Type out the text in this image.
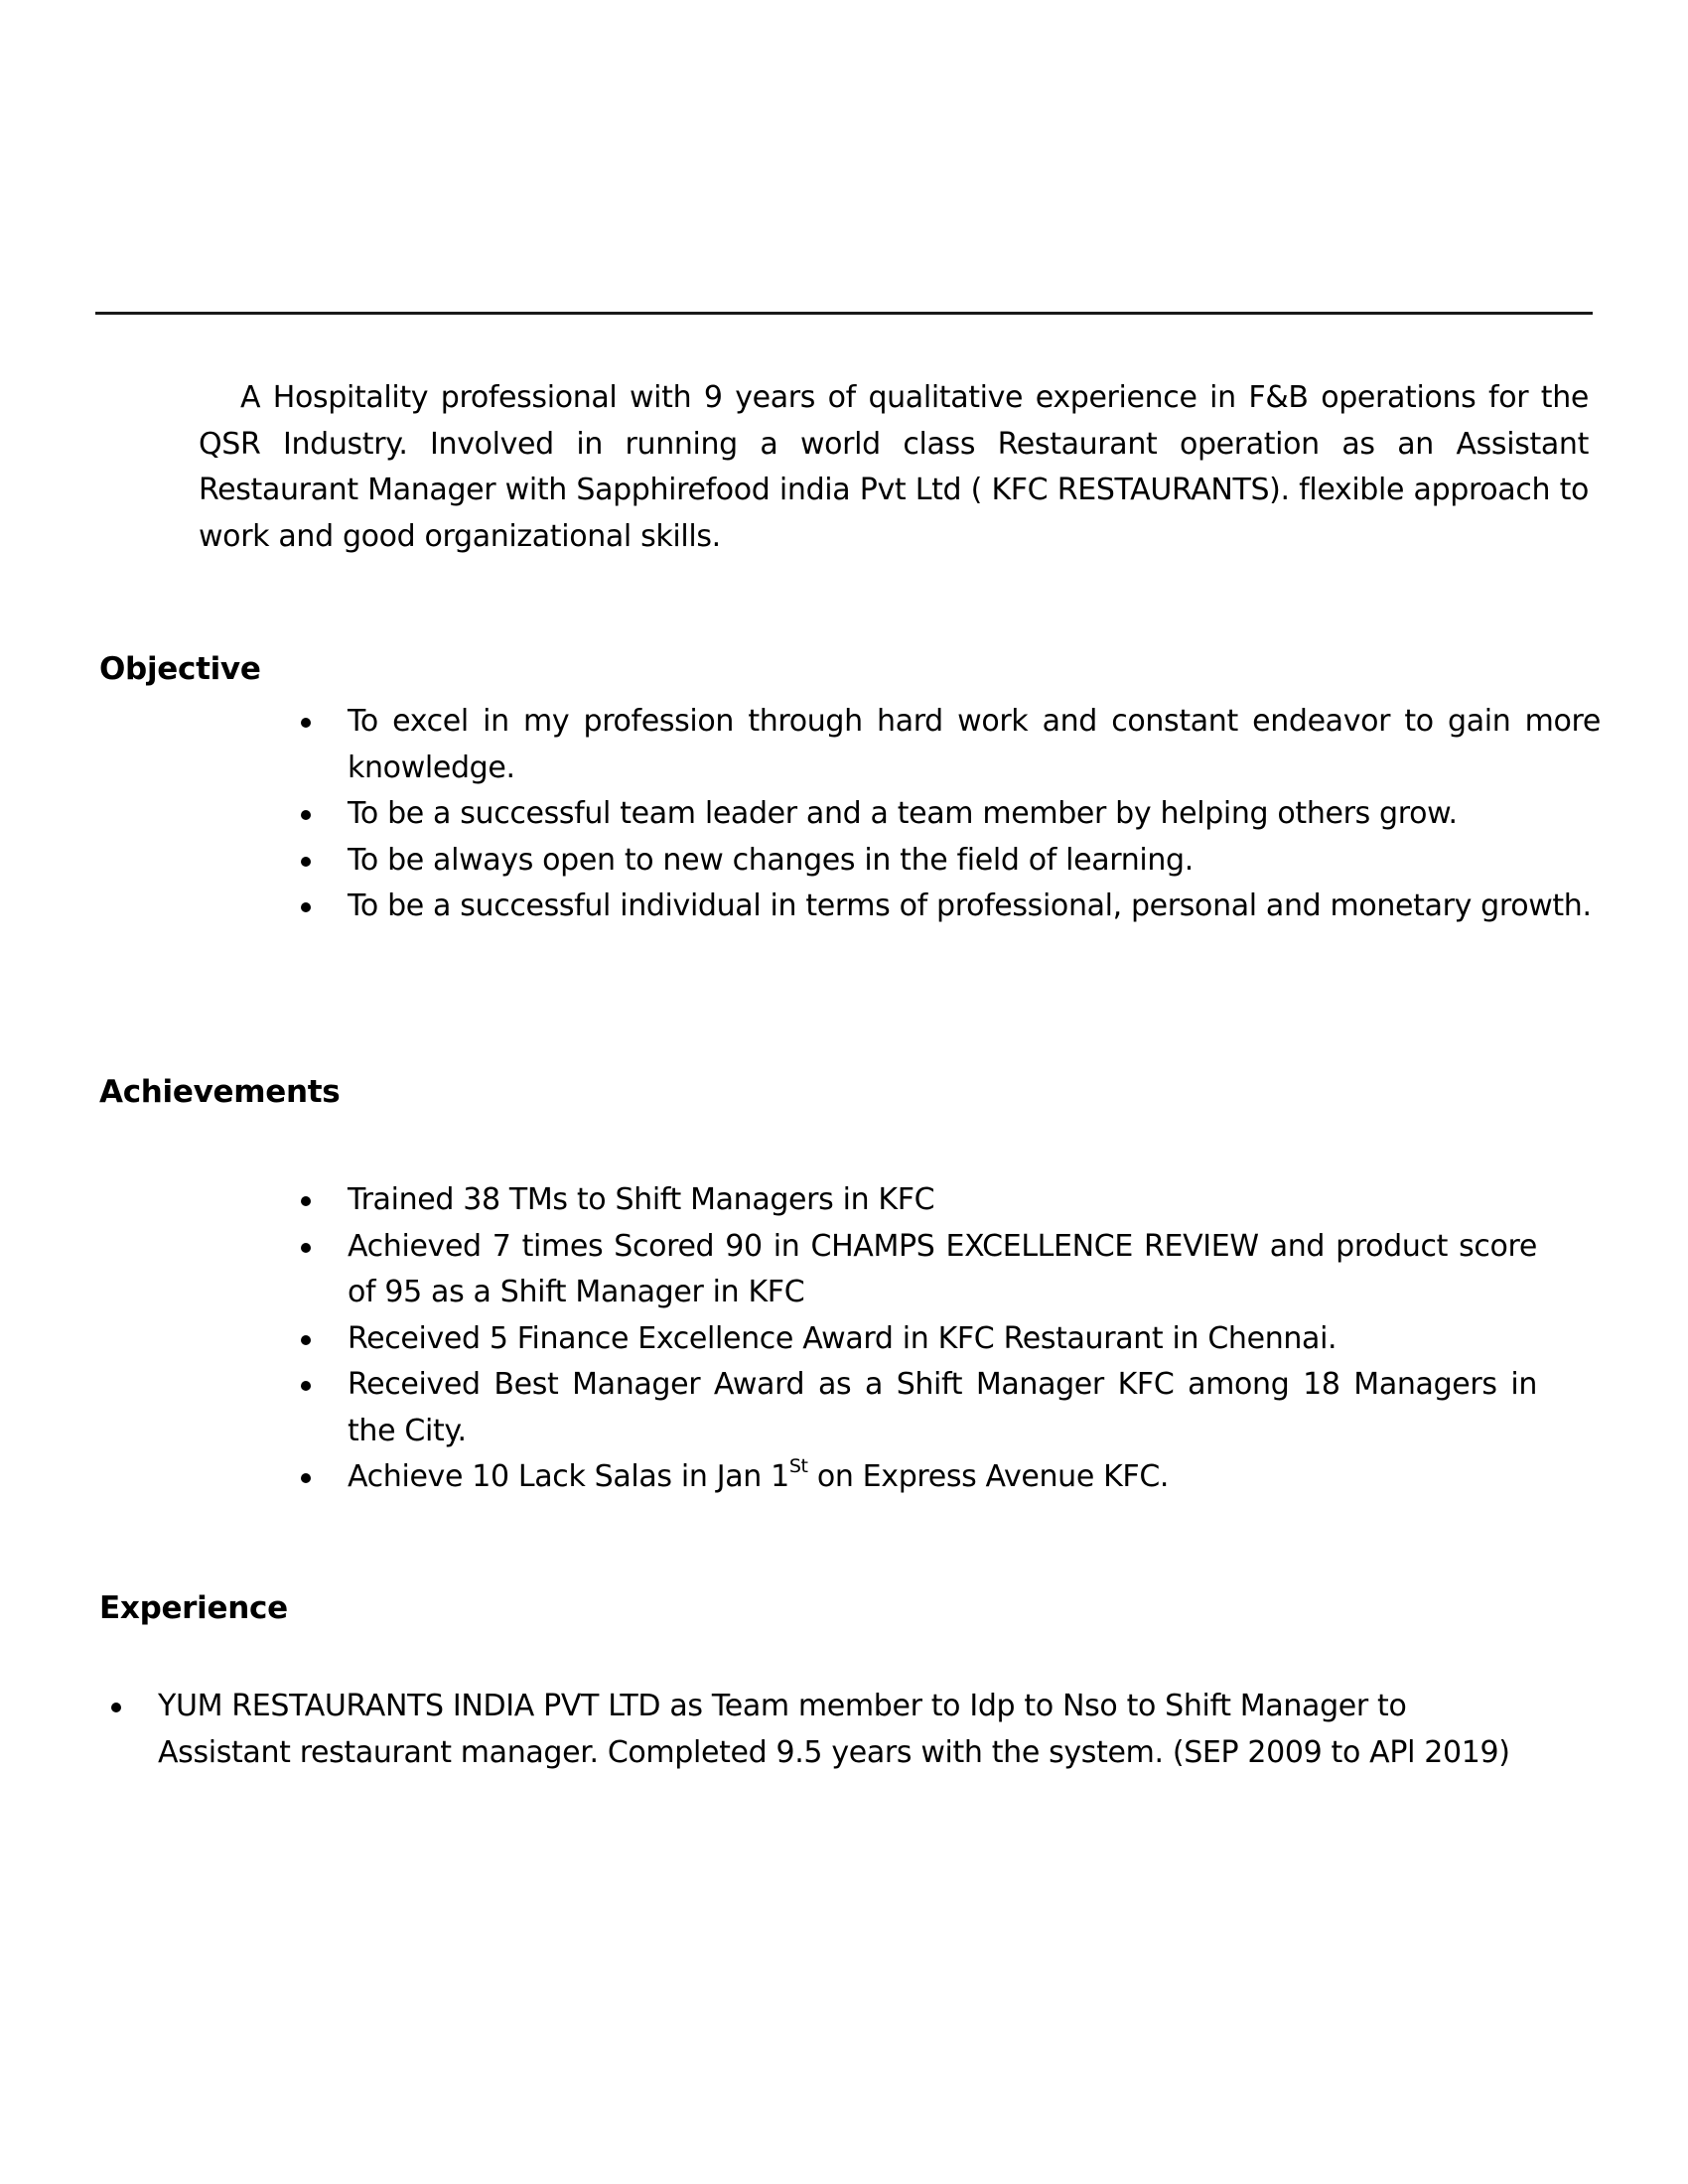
A Hospitality professional with 9 years of qualitative experience in F&B operations for the QSR Industry. Involved in running a world class Restaurant operation as an Assistant Restaurant Manager with Sapphirefood india Pvt Ltd ( KFC RESTAURANTS). flexible approach to work and good organizational skills.

Objective
To excel in my profession through hard work and constant endeavor to gain more knowledge.
To be a successful team leader and a team member by helping others grow.
To be always open to new changes in the field of learning.
To be a successful individual in terms of professional, personal and monetary growth.
Achievements
Trained 38 TMs to Shift Managers in KFC
Achieved 7 times Scored 90 in CHAMPS EXCELLENCE REVIEW and product score of 95 as a Shift Manager in KFC
Received 5 Finance Excellence Award in KFC Restaurant in Chennai.
Received Best Manager Award as a Shift Manager KFC among 18 Managers in the City.
Achieve 10 Lack Salas in Jan 1St on Express Avenue KFC.
Experience
YUM RESTAURANTS INDIA PVT LTD as Team member to Idp to Nso to Shift Manager to Assistant restaurant manager. Completed 9.5 years with the system. (SEP 2009 to APl 2019)
